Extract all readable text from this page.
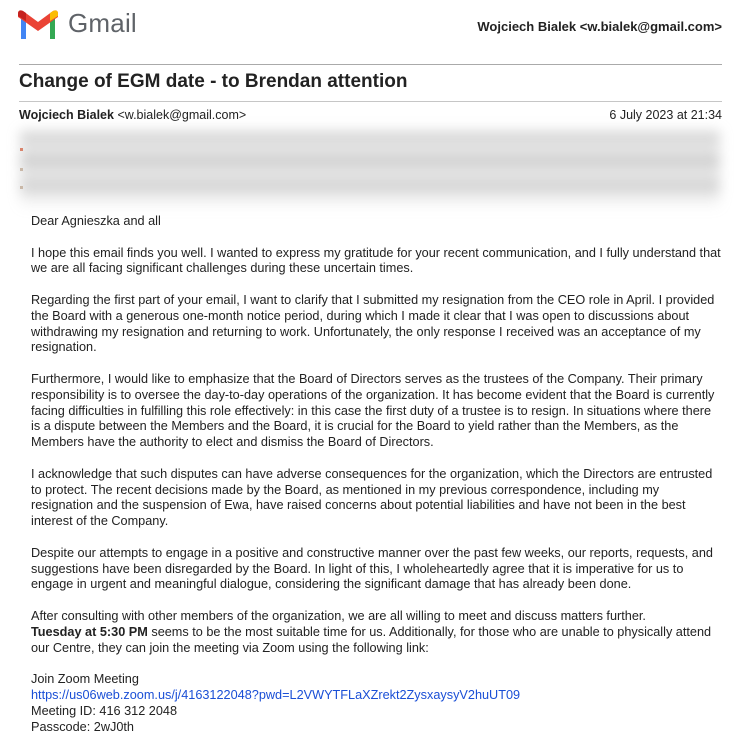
Gmail	Wojciech Bialek <w.bialek@gmail.com>
Change of EGM date - to Brendan attention
Wojciech Bialek <w.bialek@gmail.com>	6 July 2023 at 21:34

Dear Agnieszka and all

I hope this email finds you well. I wanted to express my gratitude for your recent communication, and I fully understand that we are all facing significant challenges during these uncertain times.

Regarding the first part of your email, I want to clarify that I submitted my resignation from the CEO role in April. I provided the Board with a generous one-month notice period, during which I made it clear that I was open to discussions about withdrawing my resignation and returning to work. Unfortunately, the only response I received was an acceptance of my resignation.

Furthermore, I would like to emphasize that the Board of Directors serves as the trustees of the Company. Their primary responsibility is to oversee the day-to-day operations of the organization. It has become evident that the Board is currently facing difficulties in fulfilling this role effectively: in this case the first duty of a trustee is to resign. In situations where there is a dispute between the Members and the Board, it is crucial for the Board to yield rather than the Members, as the Members have the authority to elect and dismiss the Board of Directors.

I acknowledge that such disputes can have adverse consequences for the organization, which the Directors are entrusted to protect. The recent decisions made by the Board, as mentioned in my previous correspondence, including my resignation and the suspension of Ewa, have raised concerns about potential liabilities and have not been in the best interest of the Company.

Despite our attempts to engage in a positive and constructive manner over the past few weeks, our reports, requests, and suggestions have been disregarded by the Board. In light of this, I wholeheartedly agree that it is imperative for us to engage in urgent and meaningful dialogue, considering the significant damage that has already been done.

After consulting with other members of the organization, we are all willing to meet and discuss matters further.
Tuesday at 5:30 PM seems to be the most suitable time for us. Additionally, for those who are unable to physically attend our Centre, they can join the meeting via Zoom using the following link:

Join Zoom Meeting
https://us06web.zoom.us/j/4163122048?pwd=L2VWYTFLaXZrekt2ZysxaysyV2huUT09
Meeting ID: 416 312 2048
Passcode: 2wJ0th
